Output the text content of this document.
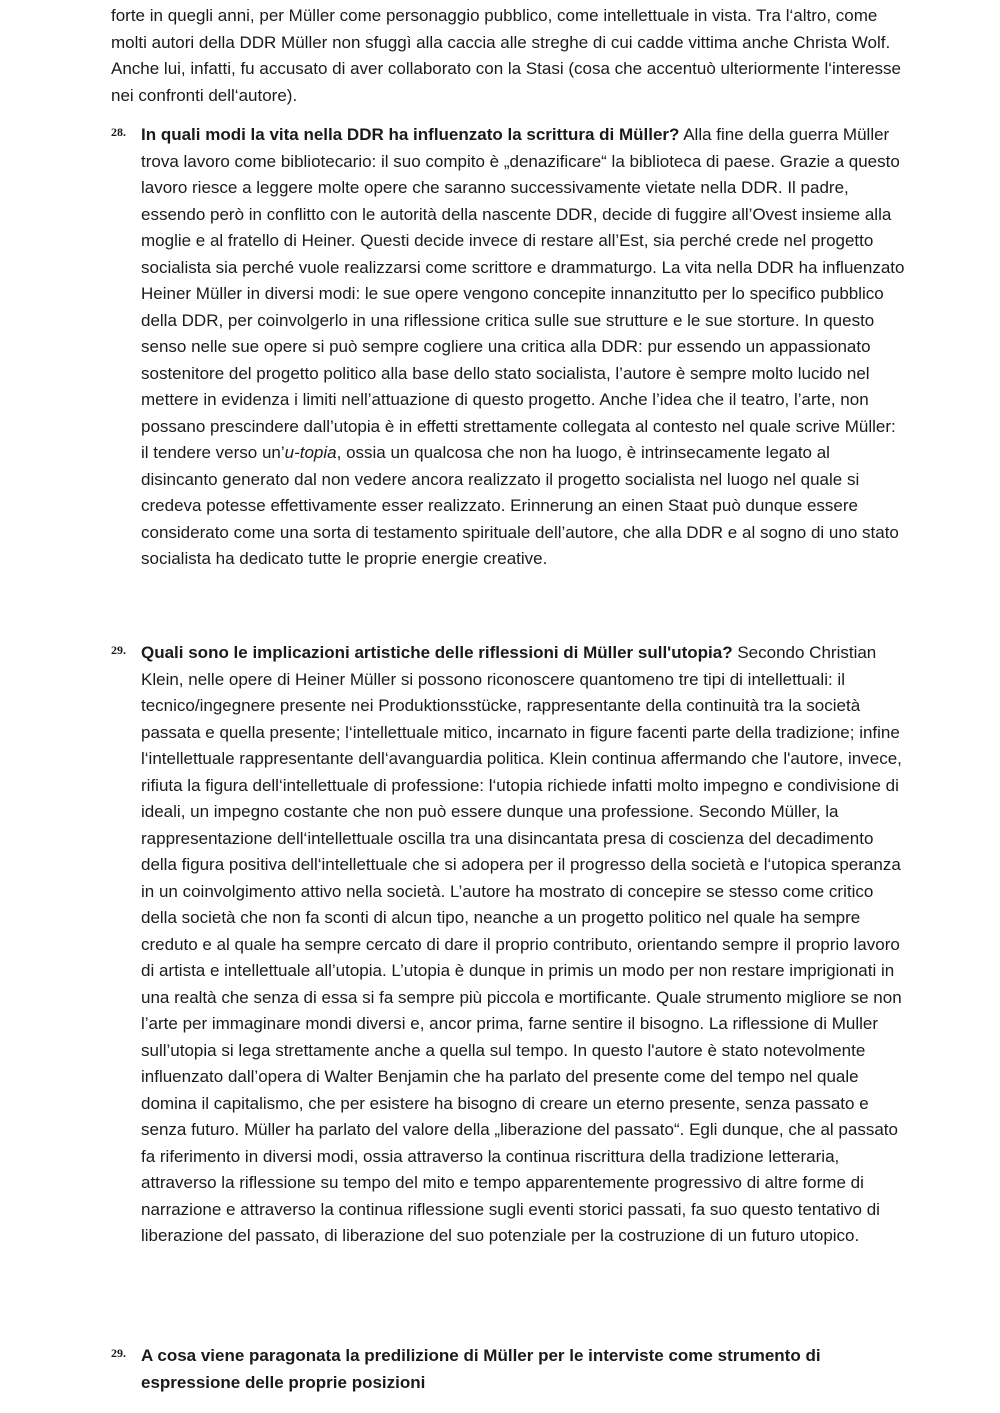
forte in quegli anni, per Müller come personaggio pubblico, come intellettuale in vista. Tra l‘altro, come molti autori della DDR Müller non sfuggì alla caccia alle streghe di cui cadde vittima anche Christa Wolf. Anche lui, infatti, fu accusato di aver collaborato con la Stasi (cosa che accentuò ulteriormente l‘interesse nei confronti dell‘autore).

28. In quali modi la vita nella DDR ha influenzato la scrittura di Müller? Alla fine della guerra Müller trova lavoro come bibliotecario: il suo compito è „denazificare“ la biblioteca di paese. Grazie a questo lavoro riesce a leggere molte opere che saranno successivamente vietate nella DDR. Il padre, essendo però in conflitto con le autorità della nascente DDR, decide di fuggire all’Ovest insieme alla moglie e al fratello di Heiner. Questi decide invece di restare all’Est, sia perché crede nel progetto socialista sia perché vuole realizzarsi come scrittore e drammaturgo. La vita nella DDR ha influenzato Heiner Müller in diversi modi: le sue opere vengono concepite innanzitutto per lo specifico pubblico della DDR, per coinvolgerlo in una riflessione critica sulle sue strutture e le sue storture. In questo senso nelle sue opere si può sempre cogliere una critica alla DDR: pur essendo un appassionato sostenitore del progetto politico alla base dello stato socialista, l’autore è sempre molto lucido nel mettere in evidenza i limiti nell’attuazione di questo progetto. Anche l’idea che il teatro, l’arte, non possano prescindere dall’utopia è in effetti strettamente collegata al contesto nel quale scrive Müller: il tendere verso un’u-topia, ossia un qualcosa che non ha luogo, è intrinsecamente legato al disincanto generato dal non vedere ancora realizzato il progetto socialista nel luogo nel quale si credeva potesse effettivamente esser realizzato. Erinnerung an einen Staat può dunque essere considerato come una sorta di testamento spirituale dell’autore, che alla DDR e al sogno di uno stato socialista ha dedicato tutte le proprie energie creative.
29. Quali sono le implicazioni artistiche delle riflessioni di Müller sull'utopia? Secondo Christian Klein, nelle opere di Heiner Müller si possono riconoscere quantomeno tre tipi di intellettuali: il tecnico/ingegnere presente nei Produktionsstücke, rappresentante della continuità tra la società passata e quella presente; l‘intellettuale mitico, incarnato in figure facenti parte della tradizione; infine l‘intellettuale rappresentante dell‘avanguardia politica. Klein continua affermando che l'autore, invece, rifiuta la figura dell‘intellettuale di professione: l‘utopia richiede infatti molto impegno e condivisione di ideali, un impegno costante che non può essere dunque una professione. Secondo Müller, la rappresentazione dell‘intellettuale oscilla tra una disincantata presa di coscienza del decadimento della figura positiva dell‘intellettuale che si adopera per il progresso della società e l‘utopica speranza in un coinvolgimento attivo nella società. L’autore ha mostrato di concepire se stesso come critico della società che non fa sconti di alcun tipo, neanche a un progetto politico nel quale ha sempre creduto e al quale ha sempre cercato di dare il proprio contributo, orientando sempre il proprio lavoro di artista e intellettuale all’utopia. L’utopia è dunque in primis un modo per non restare imprigionati in una realtà che senza di essa si fa sempre più piccola e mortificante. Quale strumento migliore se non l’arte per immaginare mondi diversi e, ancor prima, farne sentire il bisogno. La riflessione di Muller sull’utopia si lega strettamente anche a quella sul tempo. In questo l'autore è stato notevolmente influenzato dall’opera di Walter Benjamin che ha parlato del presente come del tempo nel quale domina il capitalismo, che per esistere ha bisogno di creare un eterno presente, senza passato e senza futuro. Müller ha parlato del valore della „liberazione del passato“. Egli dunque, che al passato fa riferimento in diversi modi, ossia attraverso la continua riscrittura della tradizione letteraria, attraverso la riflessione su tempo del mito e tempo apparentemente progressivo di altre forme di narrazione e attraverso la continua riflessione sugli eventi storici passati, fa suo questo tentativo di liberazione del passato, di liberazione del suo potenziale per la costruzione di un futuro utopico.
29. A cosa viene paragonata la predilizione di Müller per le interviste come strumento di espressione delle proprie posizioni
